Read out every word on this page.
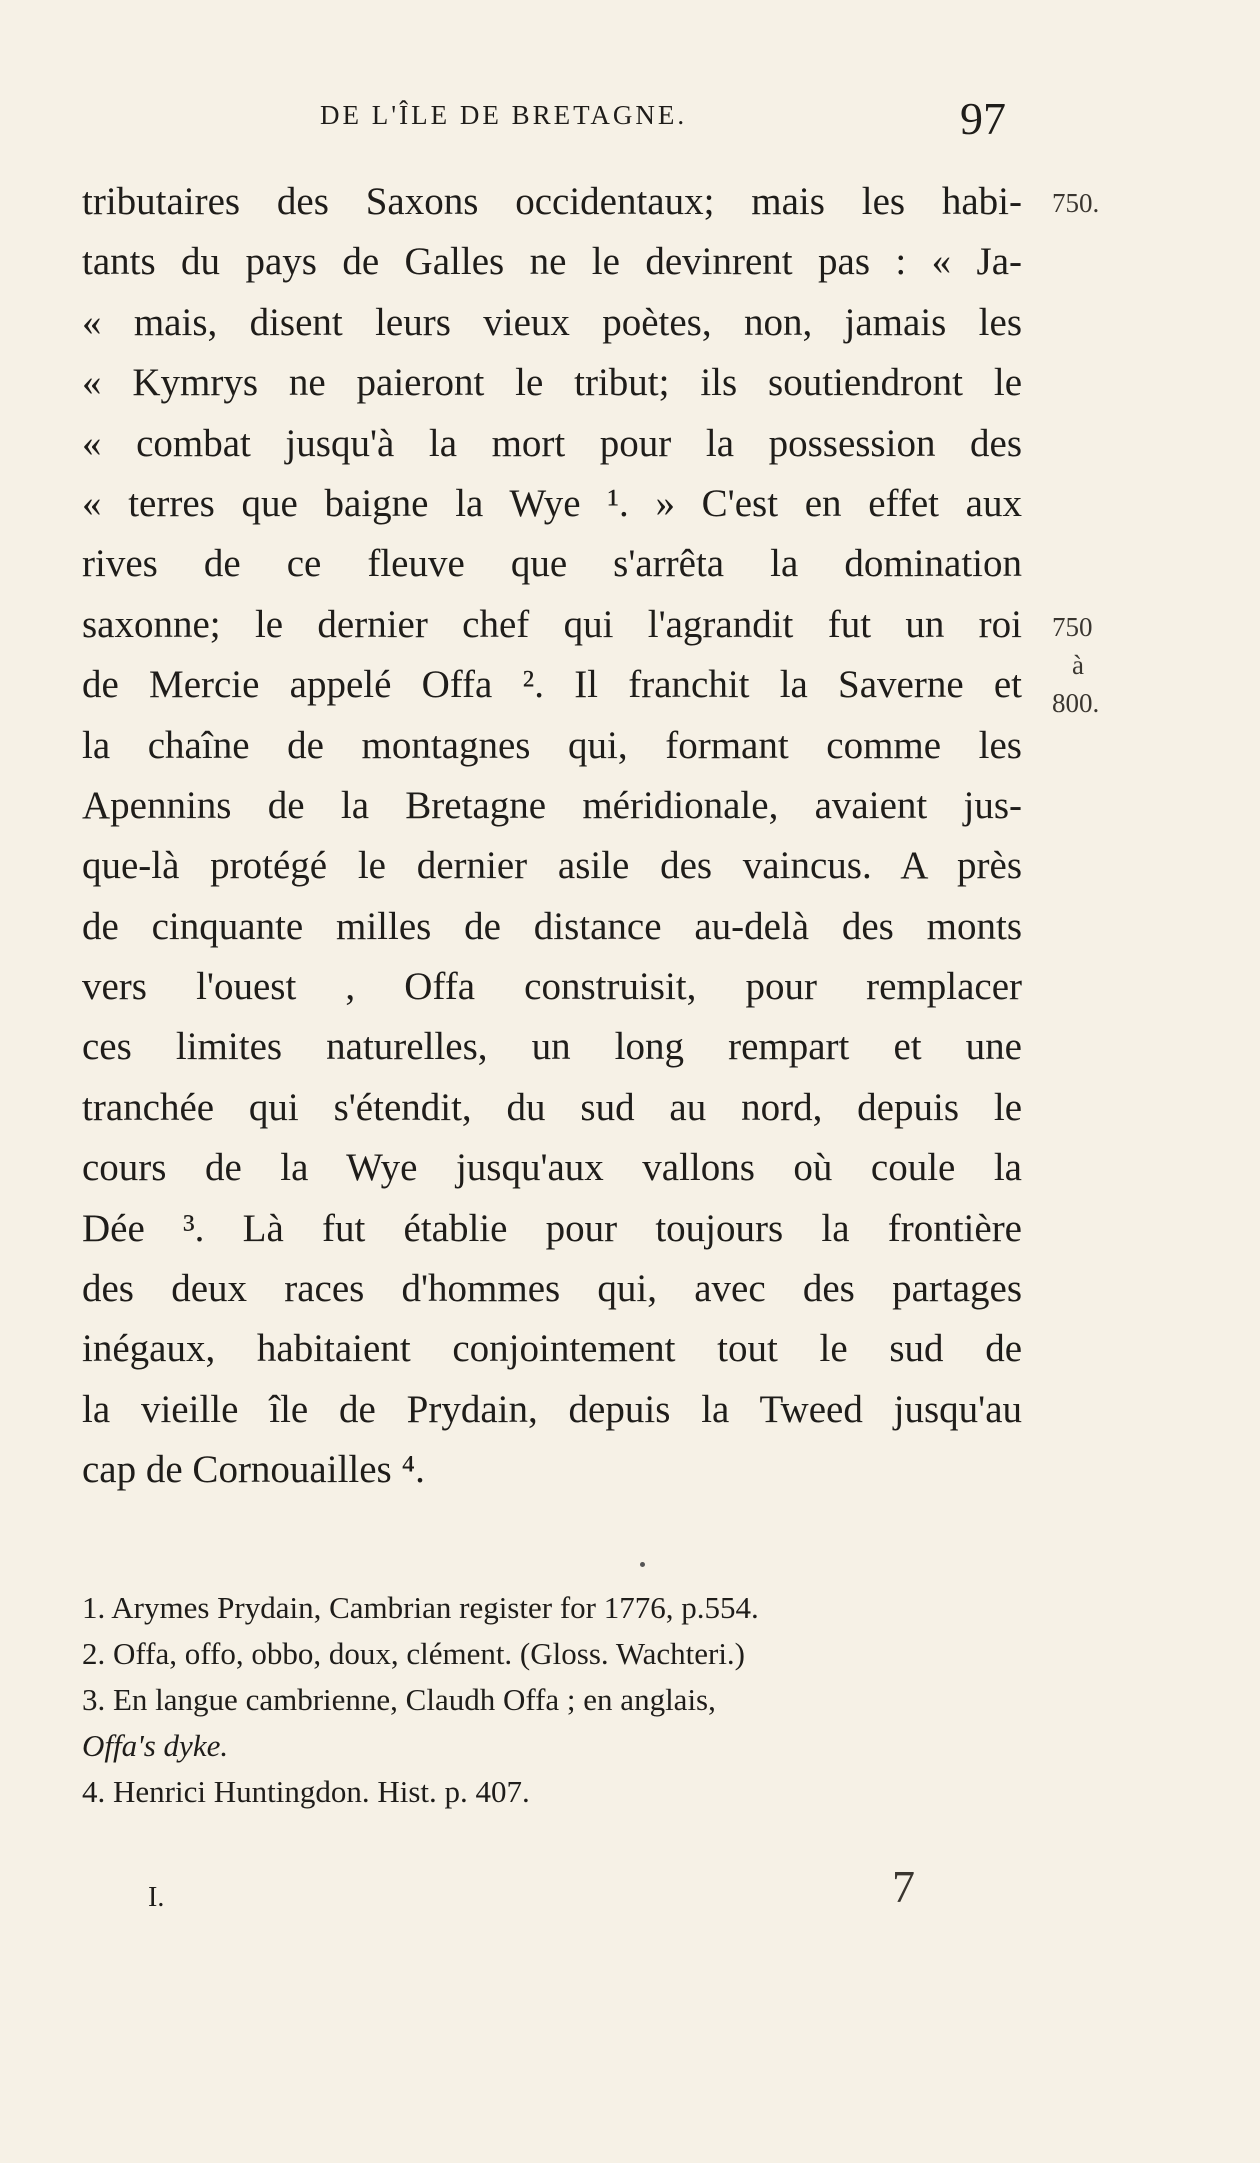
DE L'ÎLE DE BRETAGNE.	97
tributaires des Saxons occidentaux; mais les habi-
tants du pays de Galles ne le devinrent pas : « Ja-
« mais, disent leurs vieux poètes, non, jamais les
« Kymrys ne paieront le tribut; ils soutiendront le
« combat jusqu'à la mort pour la possession des
« terres que baigne la Wye ¹. » C'est en effet aux
rives de ce fleuve que s'arrêta la domination
saxonne; le dernier chef qui l'agrandit fut un roi
de Mercie appelé Offa ². Il franchit la Saverne et
la chaîne de montagnes qui, formant comme les
Apennins de la Bretagne méridionale, avaient jus-
que-là protégé le dernier asile des vaincus. A près
de cinquante milles de distance au-delà des monts
vers l'ouest , Offa construisit, pour remplacer
ces limites naturelles, un long rempart et une
tranchée qui s'étendit, du sud au nord, depuis le
cours de la Wye jusqu'aux vallons où coule la
Dée ³. Là fut établie pour toujours la frontière
des deux races d'hommes qui, avec des partages
inégaux, habitaient conjointement tout le sud de
la vieille île de Prydain, depuis la Tweed jusqu'au
cap de Cornouailles ⁴.
750.
750
à
800.
1. Arymes Prydain, Cambrian register for 1776, p.554.
2. Offa, offo, obbo, doux, clément. (Gloss. Wachteri.)
3. En langue cambrienne, Claudh Offa ; en anglais,
Offa's dyke.
4. Henrici Huntingdon. Hist. p. 407.
I.	7
